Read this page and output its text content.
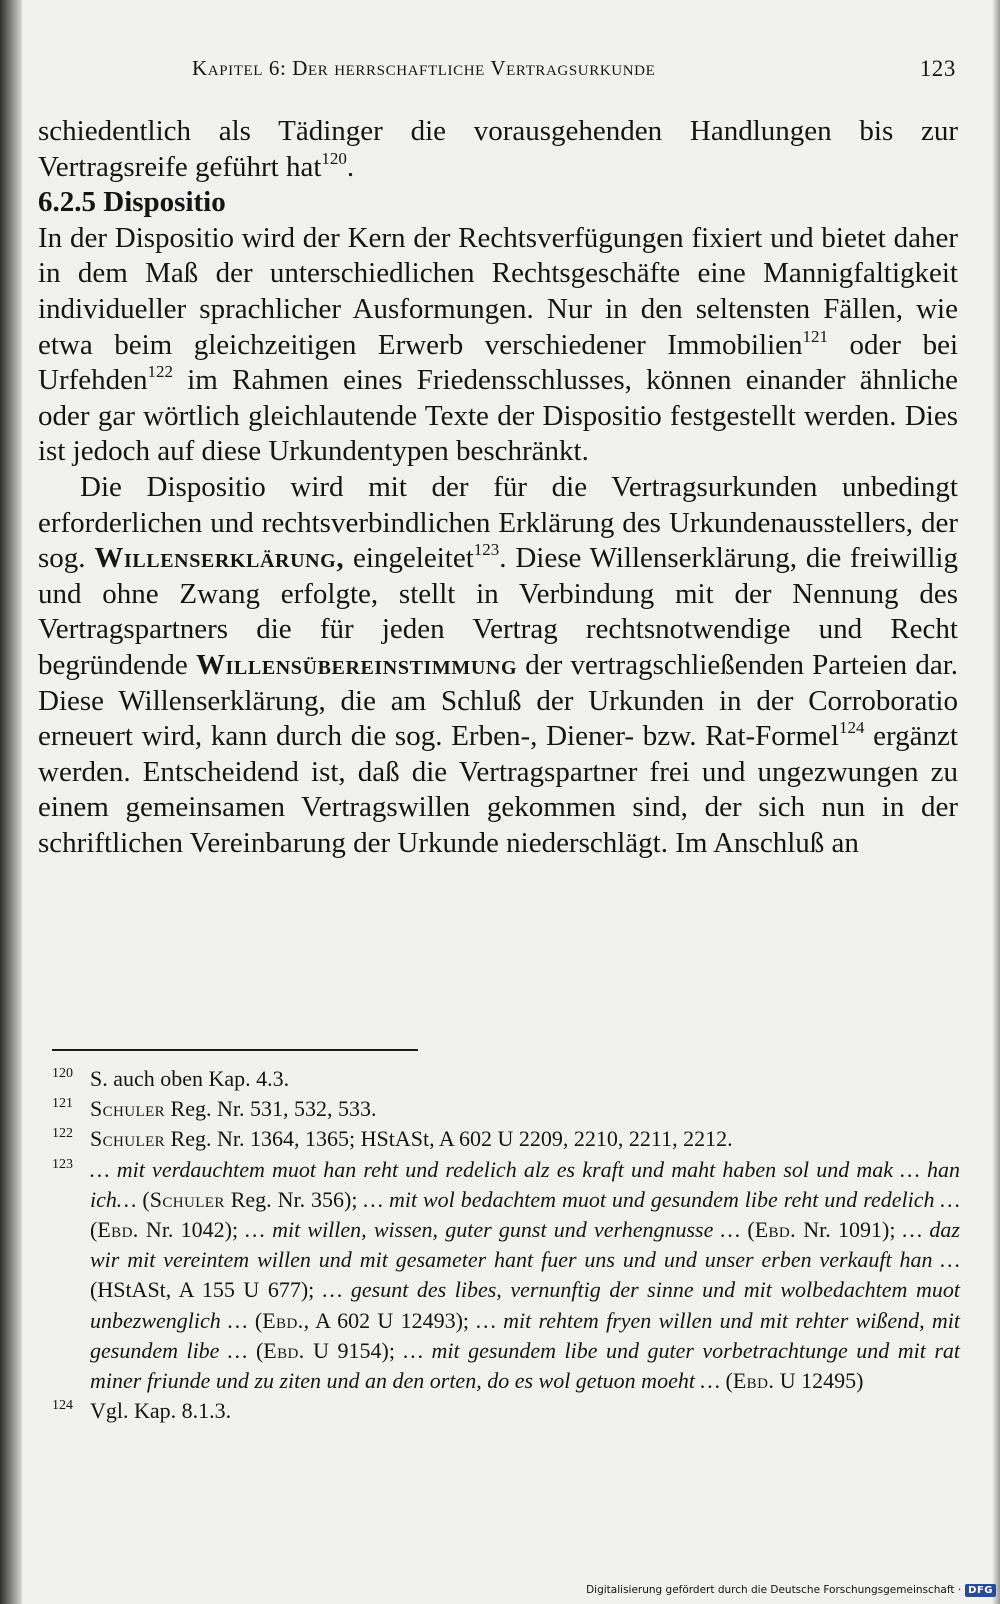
Kapitel 6: Der herrschaftliche Vertragsurkunde	123

schiedentlich als Tädinger die vorausgehenden Handlungen bis zur Vertragsreife geführt hat$^{120}$.

6.2.5 Dispositio

In der Dispositio wird der Kern der Rechtsverfügungen fixiert und bietet daher in dem Maß der unterschiedlichen Rechtsgeschäfte eine Mannigfaltigkeit individueller sprachlicher Ausformungen. Nur in den seltensten Fällen, wie etwa beim gleichzeitigen Erwerb verschiedener Immobilien$^{121}$ oder bei Urfehden$^{122}$ im Rahmen eines Friedensschlusses, können einander ähnliche oder gar wörtlich gleichlautende Texte der Dispositio festgestellt werden. Dies ist jedoch auf diese Urkundentypen beschränkt.

Die Dispositio wird mit der für die Vertragsurkunden unbedingt erforderlichen und rechtsverbindlichen Erklärung des Urkundenausstellers, der sog. Willenserklärung, eingeleitet$^{123}$. Diese Willenserklärung, die freiwillig und ohne Zwang erfolgte, stellt in Verbindung mit der Nennung des Vertragspartners die für jeden Vertrag rechtsnotwendige und Recht begründende Willensübereinstimmung der vertragschließenden Parteien dar. Diese Willenserklärung, die am Schluß der Urkunden in der Corroboratio erneuert wird, kann durch die sog. Erben-, Diener- bzw. Rat-Formel$^{124}$ ergänzt werden. Entscheidend ist, daß die Vertragspartner frei und ungezwungen zu einem gemeinsamen Vertragswillen gekommen sind, der sich nun in der schriftlichen Vereinbarung der Urkunde niederschlägt. Im Anschluß an

120 S. auch oben Kap. 4.3.
121 Schuler Reg. Nr. 531, 532, 533.
122 Schuler Reg. Nr. 1364, 1365; HStASt, A 602 U 2209, 2210, 2211, 2212.
123 … mit verdauchtem muot han reht und redelich alz es kraft und maht haben sol und mak … han ich… (Schuler Reg. Nr. 356); … mit wol bedachtem muot und gesundem libe reht und redelich … (Ebd. Nr. 1042); … mit willen, wissen, guter gunst und verhengnusse … (Ebd. Nr. 1091); … daz wir mit vereintem willen und mit gesameter hant fuer uns und und unser erben verkauft han … (HStASt, A 155 U 677); … gesunt des libes, vernunftig der sinne und mit wolbedachtem muot unbezwenglich … (Ebd., A 602 U 12493); … mit rehtem fryen willen und mit rehter wißend, mit gesundem libe … (Ebd. U 9154); … mit gesundem libe und guter vorbetrachtunge und mit rat miner friunde und zu ziten und an den orten, do es wol getuon moeht … (Ebd. U 12495)
124 Vgl. Kap. 8.1.3.
Digitalisierung gefördert durch die Deutsche Forschungsgemeinschaft · DFG
